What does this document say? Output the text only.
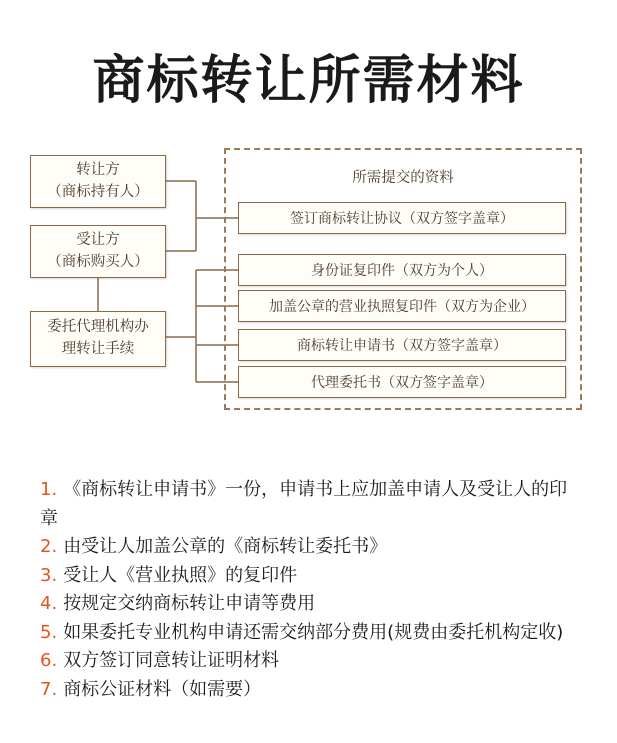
商标转让所需材料
转让方
（商标持有人）
受让方
（商标购买人）
委托代理机构办
理转让手续
所需提交的资料
签订商标转让协议（双方签字盖章）
身份证复印件（双方为个人）
加盖公章的营业执照复印件（双方为企业）
商标转让申请书（双方签字盖章）
代理委托书（双方签字盖章）
1. 《商标转让申请书》一份，申请书上应加盖申请人及受让人的印章
2. 由受让人加盖公章的《商标转让委托书》
3. 受让人《营业执照》的复印件
4. 按规定交纳商标转让申请等费用
5. 如果委托专业机构申请还需交纳部分费用(规费由委托机构定收)
6. 双方签订同意转让证明材料
7. 商标公证材料（如需要）
